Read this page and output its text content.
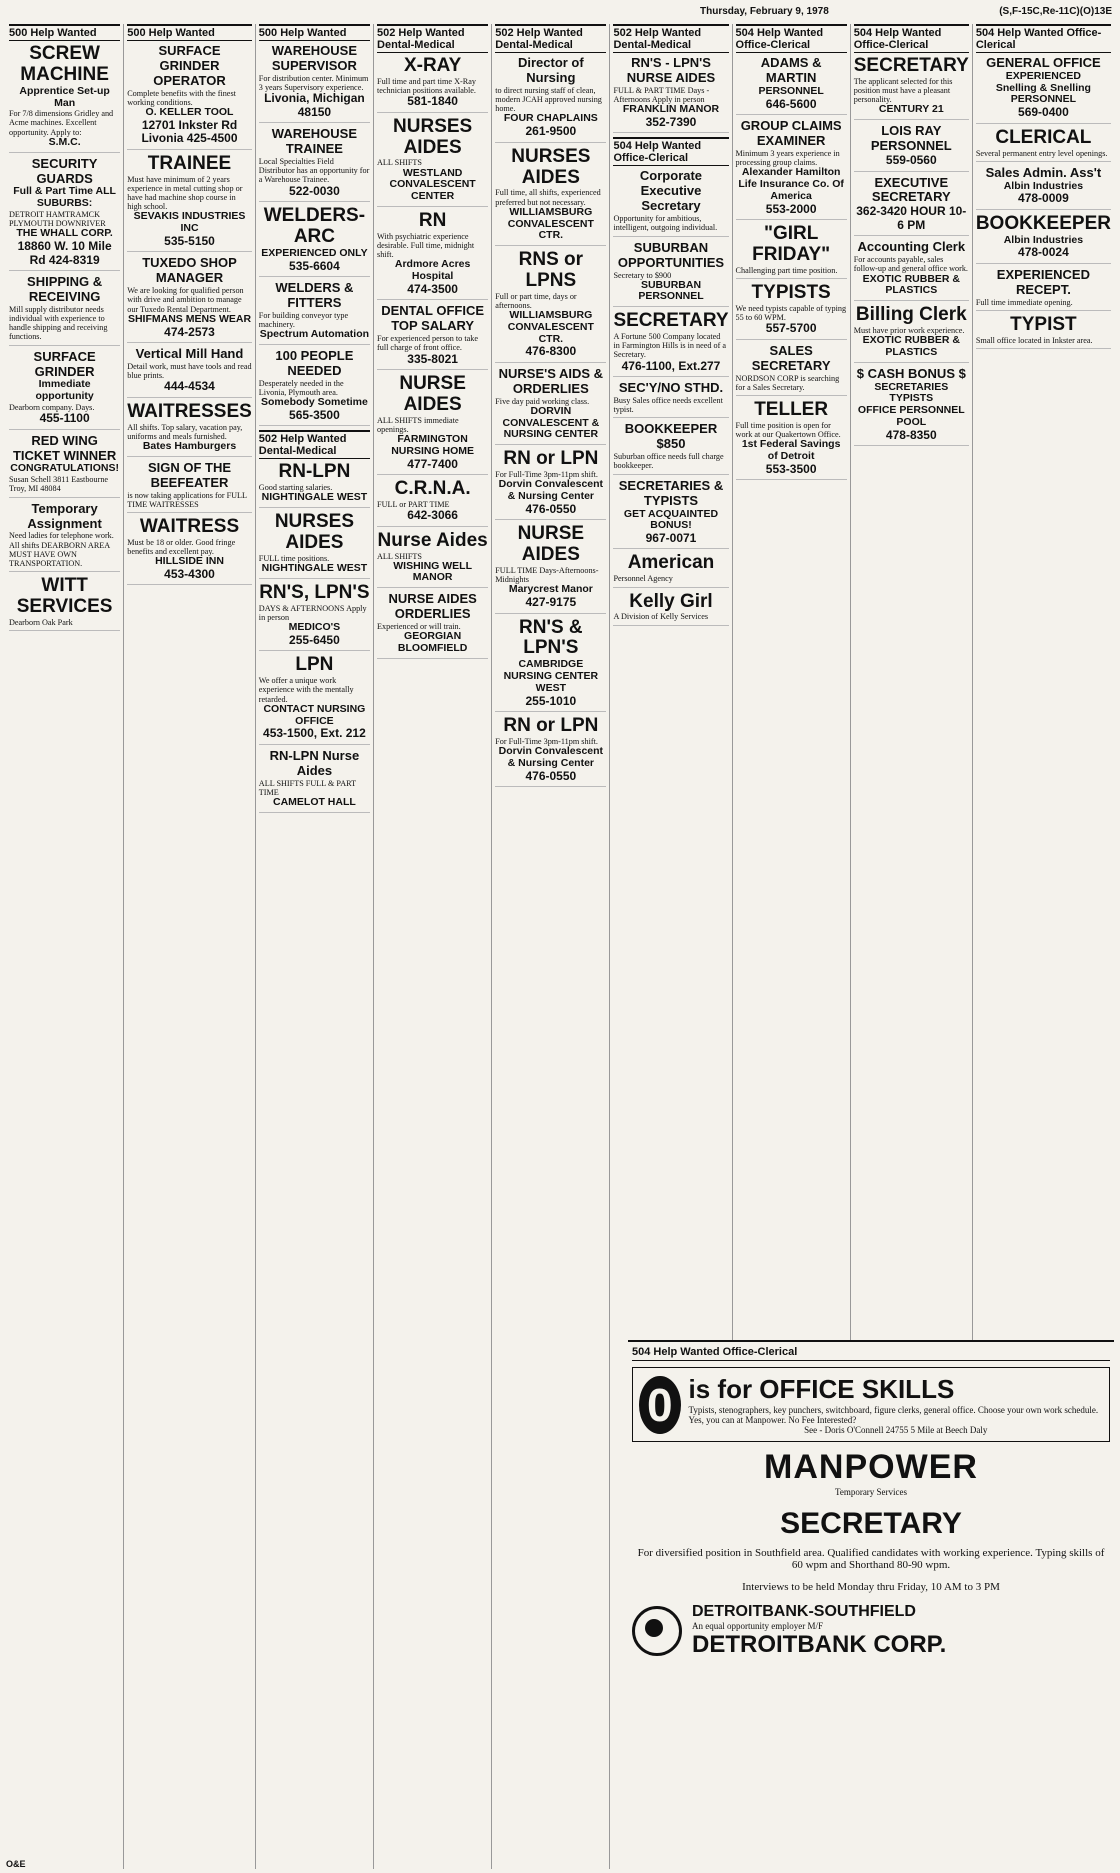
Thursday, February 9, 1978	(S,F-15C,Re-11C)(O)13E
500 Help Wanted
SCREW MACHINE
Apprentice Set-up Man
For 7/8 dimensions Gridley and Acme machines. Excellent opportunity. Apply to:
S.M.C.
SECURITY GUARDS
Full & Part Time ALL SUBURBS:
DETROIT HAMTRAMCK PLYMOUTH DOWNRIVER
THE WHALL CORP.
18860 W. 10 Mile Rd 424-8319
SHIPPING & RECEIVING
Mill supply distributor needs individual with experience to handle shipping and receiving functions.
SURFACE GRINDER
Immediate opportunity
Dearborn company. Days.
455-1100
RED WING TICKET WINNER
CONGRATULATIONS!
Susan Schell 3811 Eastbourne Troy, MI 48084
Temporary Assignment
Need ladies for telephone work. All shifts DEARBORN AREA MUST HAVE OWN TRANSPORTATION.
WITT SERVICES
Dearborn Oak Park
500 Help Wanted
SURFACE GRINDER OPERATOR
Complete benefits with the finest working conditions.
O. KELLER TOOL
12701 Inkster Rd Livonia 425-4500
TRAINEE
Must have minimum of 2 years experience in metal cutting shop or have had machine shop course in high school.
SEVAKIS INDUSTRIES INC
535-5150
TUXEDO SHOP MANAGER
We are looking for qualified person with drive and ambition to manage our Tuxedo Rental Department.
SHIFMANS MENS WEAR
474-2573
Vertical Mill Hand
Detail work, must have tools and read blue prints.
444-4534
WAITRESSES
All shifts. Top salary, vacation pay, uniforms and meals furnished.
Bates Hamburgers
SIGN OF THE BEEFEATER
is now taking applications for FULL TIME WAITRESSES
WAITRESS
Must be 18 or older. Good fringe benefits and excellent pay.
HILLSIDE INN
453-4300
500 Help Wanted
WAREHOUSE SUPERVISOR
For distribution center. Minimum 3 years Supervisory experience.
Livonia, Michigan 48150
WAREHOUSE TRAINEE
Local Specialties Field Distributor has an opportunity for a Warehouse Trainee.
522-0030
WELDERS-ARC
EXPERIENCED ONLY
535-6604
WELDERS & FITTERS
For building conveyor type machinery.
Spectrum Automation
100 PEOPLE NEEDED
Desperately needed in the Livonia, Plymouth area.
Somebody Sometime
565-3500
502 Help Wanted Dental-Medical
RN-LPN
Good starting salaries.
NIGHTINGALE WEST
NURSES AIDES
FULL time positions.
NIGHTINGALE WEST
RN'S, LPN'S
DAYS & AFTERNOONS Apply in person
MEDICO'S
255-6450
LPN
We offer a unique work experience with the mentally retarded.
CONTACT NURSING OFFICE
453-1500, Ext. 212
RN-LPN Nurse Aides
ALL SHIFTS FULL & PART TIME
CAMELOT HALL
502 Help Wanted Dental-Medical
X-RAY
Full time and part time X-Ray technician positions available.
581-1840
NURSES AIDES
ALL SHIFTS
WESTLAND CONVALESCENT CENTER
RN
With psychiatric experience desirable. Full time, midnight shift.
Ardmore Acres Hospital
474-3500
DENTAL OFFICE TOP SALARY
For experienced person to take full charge of front office.
335-8021
NURSE AIDES
ALL SHIFTS immediate openings.
FARMINGTON NURSING HOME
477-7400
C.R.N.A.
FULL or PART TIME
642-3066
Nurse Aides
ALL SHIFTS
WISHING WELL MANOR
NURSE AIDES ORDERLIES
Experienced or will train.
GEORGIAN BLOOMFIELD
502 Help Wanted Dental-Medical
Director of Nursing
to direct nursing staff of clean, modern JCAH approved nursing home.
FOUR CHAPLAINS
261-9500
NURSES AIDES
Full time, all shifts, experienced preferred but not necessary.
WILLIAMSBURG CONVALESCENT CTR.
RNS or LPNS
Full or part time, days or afternoons.
WILLIAMSBURG CONVALESCENT CTR.
476-8300
NURSE'S AIDS & ORDERLIES
Five day paid working class.
DORVIN CONVALESCENT & NURSING CENTER
RN or LPN
For Full-Time 3pm-11pm shift.
Dorvin Convalescent & Nursing Center
476-0550
NURSE AIDES
FULL TIME Days-Afternoons-Midnights
Marycrest Manor
427-9175
RN'S & LPN'S
CAMBRIDGE NURSING CENTER WEST
255-1010
RN or LPN
For Full-Time 3pm-11pm shift.
Dorvin Convalescent & Nursing Center
476-0550
502 Help Wanted Dental-Medical
RN'S - LPN'S NURSE AIDES
FULL & PART TIME Days - Afternoons Apply in person
FRANKLIN MANOR
352-7390
504 Help Wanted Office-Clerical
Corporate Executive Secretary
Opportunity for ambitious, intelligent, outgoing individual.
SUBURBAN OPPORTUNITIES
Secretary to $900
SUBURBAN PERSONNEL
SECRETARY
A Fortune 500 Company located in Farmington Hills is in need of a Secretary.
476-1100, Ext.277
SEC'Y/NO STHD.
Busy Sales office needs excellent typist.
BOOKKEEPER $850
Suburban office needs full charge bookkeeper.
SECRETARIES & TYPISTS
GET ACQUAINTED BONUS!
967-0071
American
Personnel Agency
Kelly Girl
A Division of Kelly Services
504 Help Wanted Office-Clerical
ADAMS & MARTIN
PERSONNEL
646-5600
GROUP CLAIMS EXAMINER
Minimum 3 years experience in processing group claims.
Alexander Hamilton Life Insurance Co. Of America
553-2000
"GIRL FRIDAY"
Challenging part time position.
TYPISTS
We need typists capable of typing 55 to 60 WPM.
557-5700
SALES SECRETARY
NORDSON CORP is searching for a Sales Secretary.
TELLER
Full time position is open for work at our Quakertown Office.
1st Federal Savings of Detroit
553-3500
504 Help Wanted Office-Clerical
SECRETARY
The applicant selected for this position must have a pleasant personality.
CENTURY 21
LOIS RAY PERSONNEL
559-0560
EXECUTIVE SECRETARY
362-3420 HOUR 10-6 PM
Accounting Clerk
For accounts payable, sales follow-up and general office work.
EXOTIC RUBBER & PLASTICS
Billing Clerk
Must have prior work experience.
EXOTIC RUBBER & PLASTICS
$ CASH BONUS $
SECRETARIES TYPISTS
OFFICE PERSONNEL POOL
478-8350
504 Help Wanted Office-Clerical
GENERAL OFFICE
EXPERIENCED
Snelling & Snelling PERSONNEL
569-0400
CLERICAL
Several permanent entry level openings.
Sales Admin. Ass't
Albin Industries
478-0009
BOOKKEEPER
Albin Industries
478-0024
EXPERIENCED RECEPT.
Full time immediate opening.
TYPIST
Small office located in Inkster area.
504 Help Wanted Office-Clerical
0 is for OFFICE SKILLS
Typists, stenographers, key punchers, switchboard, figure clerks, general office. Choose your own work schedule. Yes, you can at Manpower. No Fee Interested?
See - Doris O'Connell 24755 5 Mile at Beech Daly
MANPOWER
Temporary Services
SECRETARY
For diversified position in Southfield area. Qualified candidates with working experience. Typing skills of 60 wpm and Shorthand 80-90 wpm.
Interviews to be held Monday thru Friday, 10 AM to 3 PM
DETROITBANK-SOUTHFIELD
An equal opportunity employer M/F
DETROITBANK CORP.
O&E
